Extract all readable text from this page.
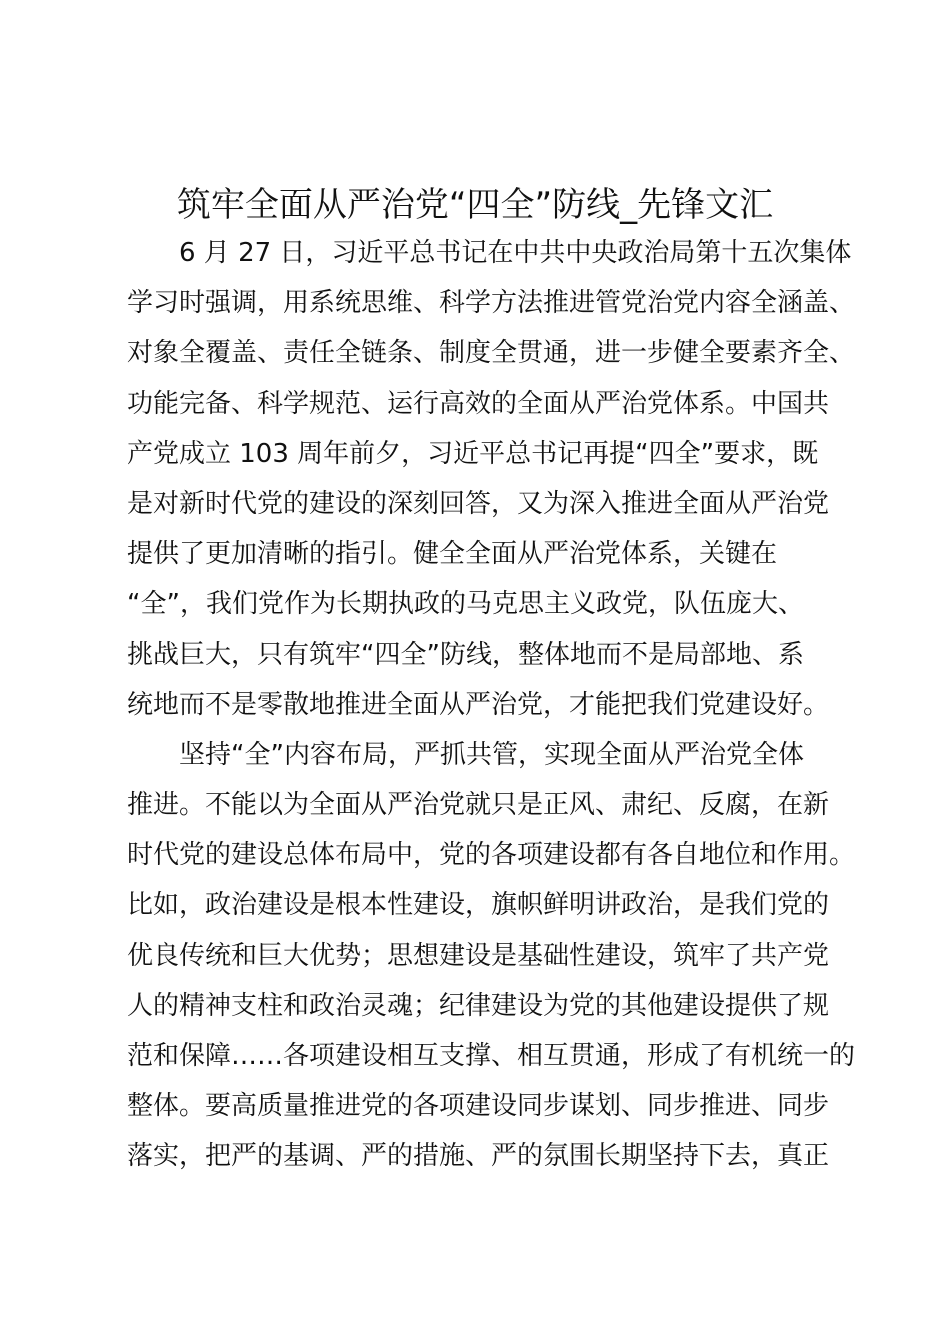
筑牢全面从严治党“四全”防线_先锋文汇
　　6 月 27 日，习近平总书记在中共中央政治局第十五次集体
学习时强调，用系统思维、科学方法推进管党治党内容全涵盖、
对象全覆盖、责任全链条、制度全贯通，进一步健全要素齐全、
功能完备、科学规范、运行高效的全面从严治党体系。中国共
产党成立 103 周年前夕，习近平总书记再提“四全”要求，既
是对新时代党的建设的深刻回答，又为深入推进全面从严治党
提供了更加清晰的指引。健全全面从严治党体系，关键在
“全”，我们党作为长期执政的马克思主义政党，队伍庞大、
挑战巨大，只有筑牢“四全”防线，整体地而不是局部地、系
统地而不是零散地推进全面从严治党，才能把我们党建设好。
　　坚持“全”内容布局，严抓共管，实现全面从严治党全体
推进。不能以为全面从严治党就只是正风、肃纪、反腐，在新
时代党的建设总体布局中，党的各项建设都有各自地位和作用。
比如，政治建设是根本性建设，旗帜鲜明讲政治，是我们党的
优良传统和巨大优势；思想建设是基础性建设，筑牢了共产党
人的精神支柱和政治灵魂；纪律建设为党的其他建设提供了规
范和保障……各项建设相互支撑、相互贯通，形成了有机统一的
整体。要高质量推进党的各项建设同步谋划、同步推进、同步
落实，把严的基调、严的措施、严的氛围长期坚持下去，真正
